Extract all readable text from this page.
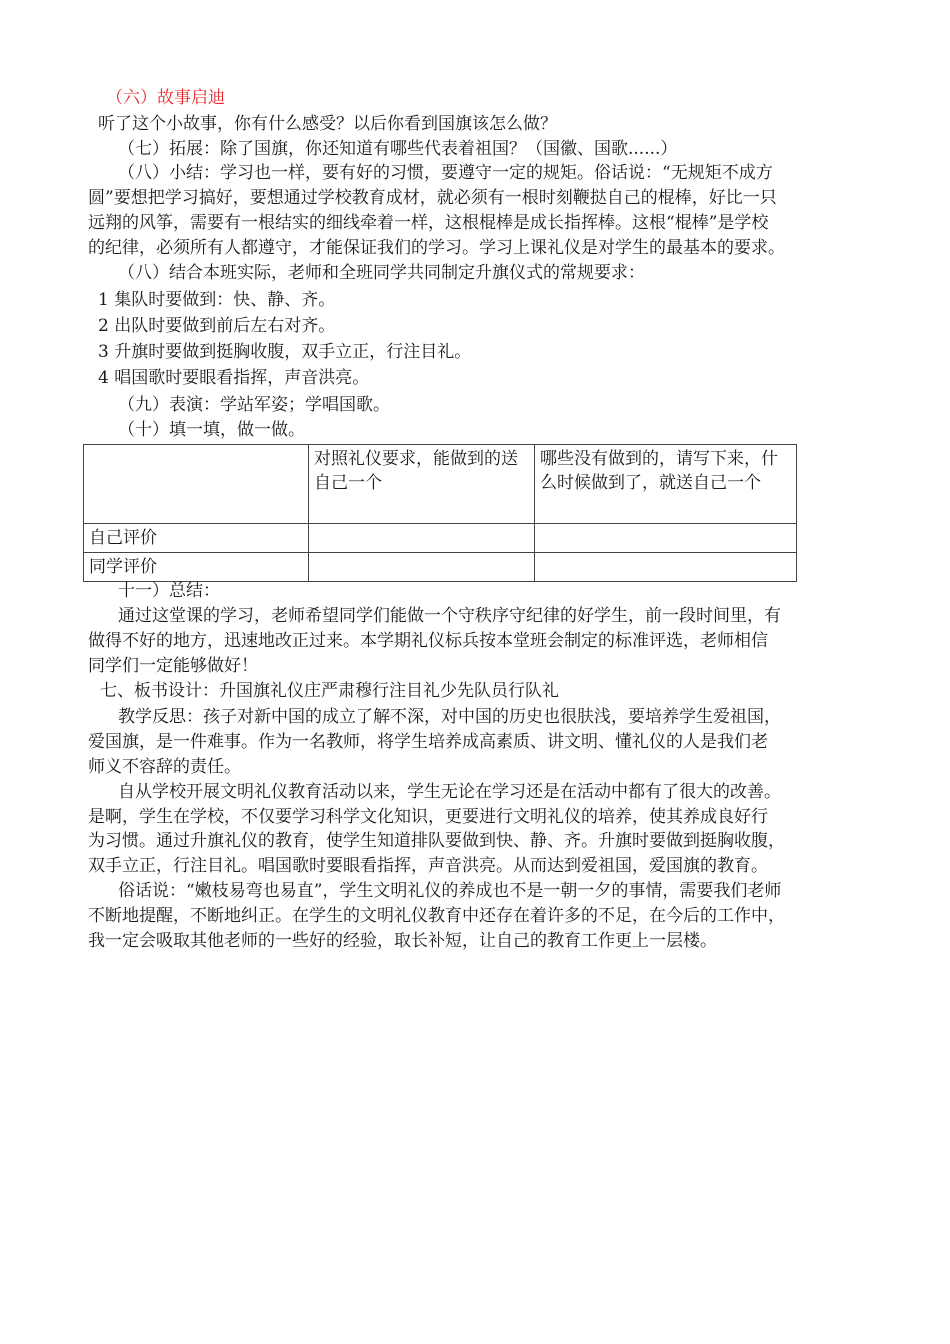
（六）故事启迪
听了这个小故事，你有什么感受？以后你看到国旗该怎么做？
（七）拓展：除了国旗，你还知道有哪些代表着祖国？（国徽、国歌......）
（八）小结：学习也一样，要有好的习惯，要遵守一定的规矩。俗话说：“无规矩不成方
圆”要想把学习搞好，要想通过学校教育成材，就必须有一根时刻鞭挞自己的棍棒，好比一只
远翔的风筝，需要有一根结实的细线牵着一样，这根棍棒是成长指挥棒。这根“棍棒”是学校
的纪律，必须所有人都遵守，才能保证我们的学习。学习上课礼仪是对学生的最基本的要求。
（八）结合本班实际，老师和全班同学共同制定升旗仪式的常规要求：
1 集队时要做到：快、静、齐。
2 出队时要做到前后左右对齐。
3 升旗时要做到挺胸收腹，双手立正，行注目礼。
4 唱国歌时要眼看指挥，声音洪亮。
（九）表演：学站军姿；学唱国歌。
（十）填一填，做一做。
	对照礼仪要求，能做到的送自己一个	哪些没有做到的，请写下来，什么时候做到了，就送自己一个
自己评价		
同学评价		
十一）总结：
通过这堂课的学习，老师希望同学们能做一个守秩序守纪律的好学生，前一段时间里，有
做得不好的地方，迅速地改正过来。本学期礼仪标兵按本堂班会制定的标准评选，老师相信
同学们一定能够做好！
七、板书设计：升国旗礼仪庄严肃穆行注目礼少先队员行队礼
教学反思：孩子对新中国的成立了解不深，对中国的历史也很肤浅，要培养学生爱祖国，
爱国旗，是一件难事。作为一名教师，将学生培养成高素质、讲文明、懂礼仪的人是我们老
师义不容辞的责任。
自从学校开展文明礼仪教育活动以来，学生无论在学习还是在活动中都有了很大的改善。
是啊，学生在学校，不仅要学习科学文化知识，更要进行文明礼仪的培养，使其养成良好行
为习惯。通过升旗礼仪的教育，使学生知道排队要做到快、静、齐。升旗时要做到挺胸收腹，
双手立正，行注目礼。唱国歌时要眼看指挥，声音洪亮。从而达到爱祖国，爱国旗的教育。
俗话说：“嫩枝易弯也易直”，学生文明礼仪的养成也不是一朝一夕的事情，需要我们老师
不断地提醒，不断地纠正。在学生的文明礼仪教育中还存在着许多的不足，在今后的工作中，
我一定会吸取其他老师的一些好的经验，取长补短，让自己的教育工作更上一层楼。
